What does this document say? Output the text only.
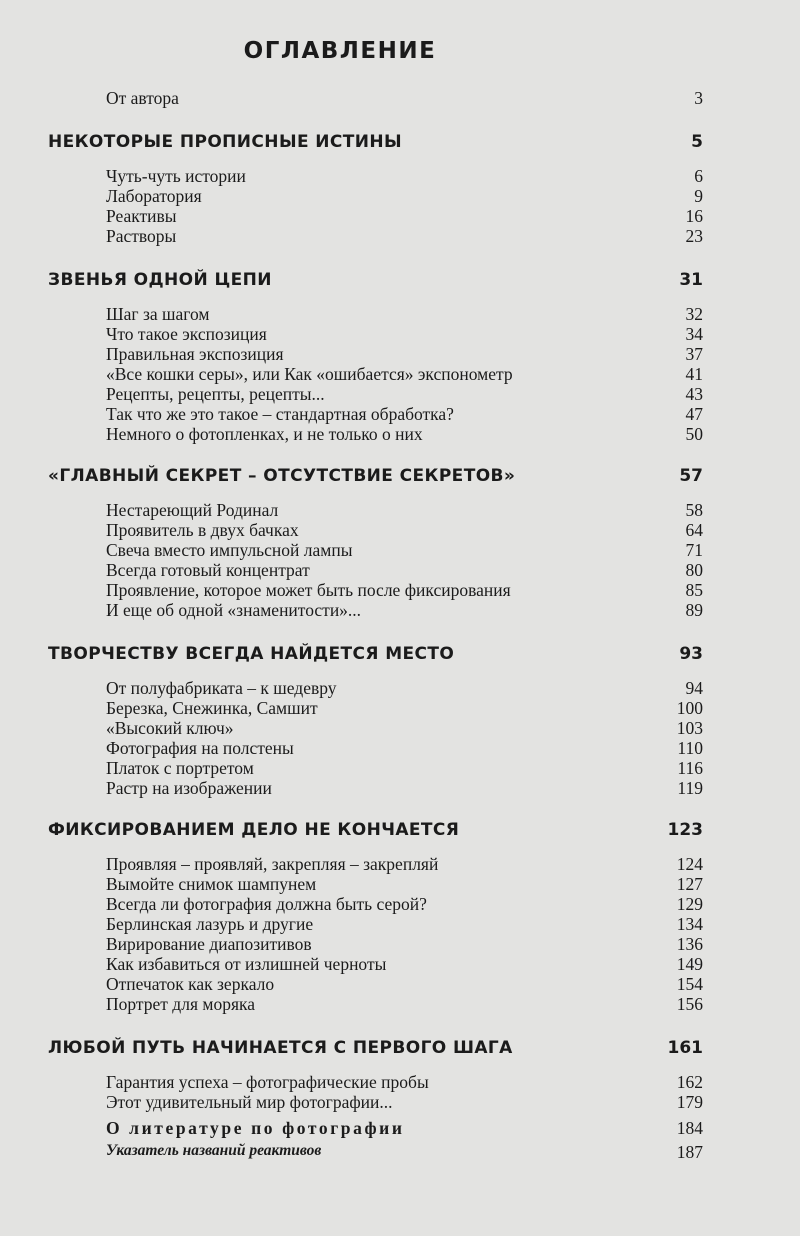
ОГЛАВЛЕНИЕ
От автора	3
НЕКОТОРЫЕ ПРОПИСНЫЕ ИСТИНЫ	5
Чуть-чуть истории	6
Лаборатория	9
Реактивы	16
Растворы	23
ЗВЕНЬЯ ОДНОЙ ЦЕПИ	31
Шаг за шагом	32
Что такое экспозиция	34
Правильная экспозиция	37
«Все кошки серы», или Как «ошибается» экспонометр	41
Рецепты, рецепты, рецепты...	43
Так что же это такое – стандартная обработка?	47
Немного о фотопленках, и не только о них	50
«ГЛАВНЫЙ СЕКРЕТ – ОТСУТСТВИЕ СЕКРЕТОВ»	57
Нестареющий Родинал	58
Проявитель в двух бачках	64
Свеча вместо импульсной лампы	71
Всегда готовый концентрат	80
Проявление, которое может быть после фиксирования	85
И еще об одной «знаменитости»...	89
ТВОРЧЕСТВУ ВСЕГДА НАЙДЕТСЯ МЕСТО	93
От полуфабриката – к шедевру	94
Березка, Снежинка, Самшит	100
«Высокий ключ»	103
Фотография на полстены	110
Платок с портретом	116
Растр на изображении	119
ФИКСИРОВАНИЕМ ДЕЛО НЕ КОНЧАЕТСЯ	123
Проявляя – проявляй, закрепляя – закрепляй	124
Вымойте снимок шампунем	127
Всегда ли фотография должна быть серой?	129
Берлинская лазурь и другие	134
Вирирование диапозитивов	136
Как избавиться от излишней черноты	149
Отпечаток как зеркало	154
Портрет для моряка	156
ЛЮБОЙ ПУТЬ НАЧИНАЕТСЯ С ПЕРВОГО ШАГА	161
Гарантия успеха – фотографические пробы	162
Этот удивительный мир фотографии...	179
О литературе по фотографии	184
Указатель названий реактивов	187
